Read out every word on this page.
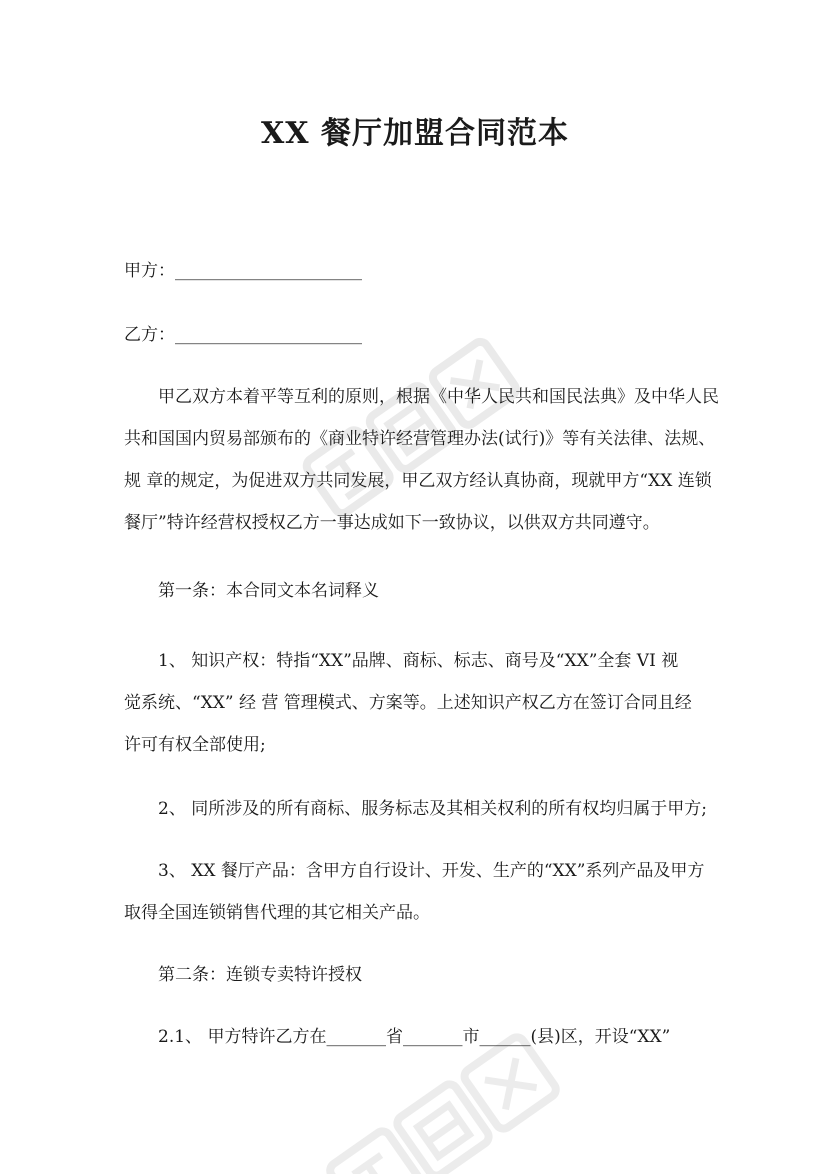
XX 餐厅加盟合同范本
甲方：______________________
乙方：______________________
甲乙双方本着平等互利的原则，根据《中华人民共和国民法典》及中华人民
共和国国内贸易部颁布的《商业特许经营管理办法(试行)》等有关法律、法规、
规 章的规定，为促进双方共同发展，甲乙双方经认真协商，现就甲方“XX 连锁
餐厅”特许经营权授权乙方一事达成如下一致协议，以供双方共同遵守。
第一条：本合同文本名词释义
1、 知识产权：特指“XX”品牌、商标、标志、商号及“XX”全套 VI 视
觉系统、“XX” 经 营 管理模式、方案等。上述知识产权乙方在签订合同且经
许可有权全部使用;
2、 同所涉及的所有商标、服务标志及其相关权利的所有权均归属于甲方;
3、 XX 餐厅产品：含甲方自行设计、开发、生产的“XX”系列产品及甲方
取得全国连锁销售代理的其它相关产品。
第二条：连锁专卖特许授权
2.1、 甲方特许乙方在_______省_______市______(县)区，开设“XX”
